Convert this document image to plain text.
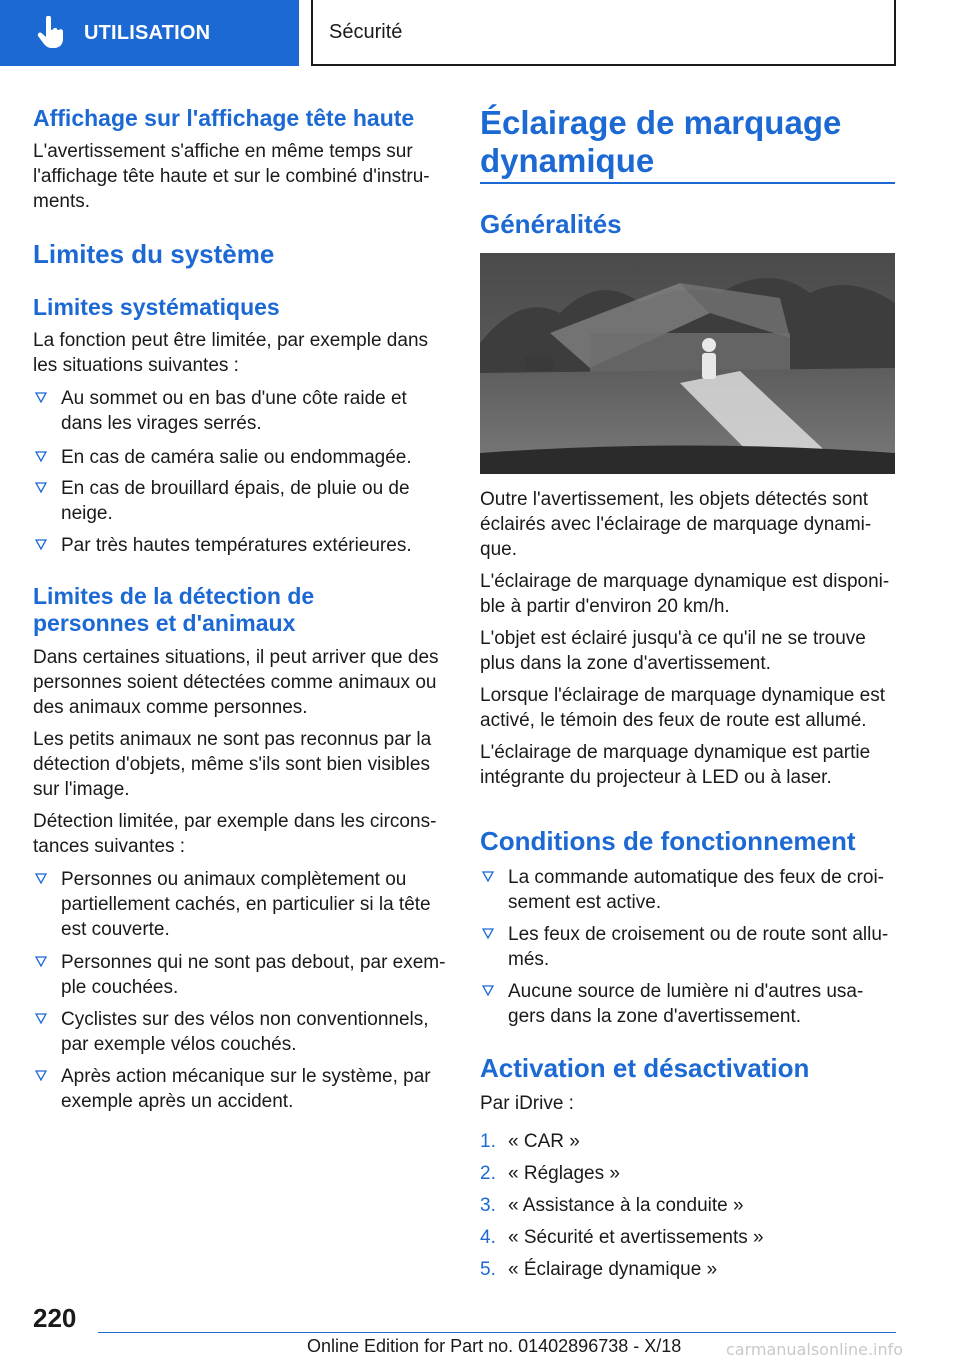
UTILISATION	Sécurité
Affichage sur l'affichage tête haute
L'avertissement s'affiche en même temps sur
l'affichage tête haute et sur le combiné d'instru-
ments.
Limites du système
Limites systématiques
La fonction peut être limitée, par exemple dans
les situations suivantes :
Au sommet ou en bas d'une côte raide et
dans les virages serrés.
En cas de caméra salie ou endommagée.
En cas de brouillard épais, de pluie ou de
neige.
Par très hautes températures extérieures.
Limites de la détection de
personnes et d'animaux
Dans certaines situations, il peut arriver que des
personnes soient détectées comme animaux ou
des animaux comme personnes.
Les petits animaux ne sont pas reconnus par la
détection d'objets, même s'ils sont bien visibles
sur l'image.
Détection limitée, par exemple dans les circons-
tances suivantes :
Personnes ou animaux complètement ou
partiellement cachés, en particulier si la tête
est couverte.
Personnes qui ne sont pas debout, par exem-
ple couchées.
Cyclistes sur des vélos non conventionnels,
par exemple vélos couchés.
Après action mécanique sur le système, par
exemple après un accident.
Éclairage de marquage
dynamique
Généralités
Outre l'avertissement, les objets détectés sont
éclairés avec l'éclairage de marquage dynami-
que.
L'éclairage de marquage dynamique est disponi-
ble à partir d'environ 20 km/h.
L'objet est éclairé jusqu'à ce qu'il ne se trouve
plus dans la zone d'avertissement.
Lorsque l'éclairage de marquage dynamique est
activé, le témoin des feux de route est allumé.
L'éclairage de marquage dynamique est partie
intégrante du projecteur à LED ou à laser.
Conditions de fonctionnement
La commande automatique des feux de croi-
sement est active.
Les feux de croisement ou de route sont allu-
més.
Aucune source de lumière ni d'autres usa-
gers dans la zone d'avertissement.
Activation et désactivation
Par iDrive :
1. « CAR »
2. « Réglages »
3. « Assistance à la conduite »
4. « Sécurité et avertissements »
5. « Éclairage dynamique »
220
Online Edition for Part no. 01402896738 - X/18	carmanualsonline.info
